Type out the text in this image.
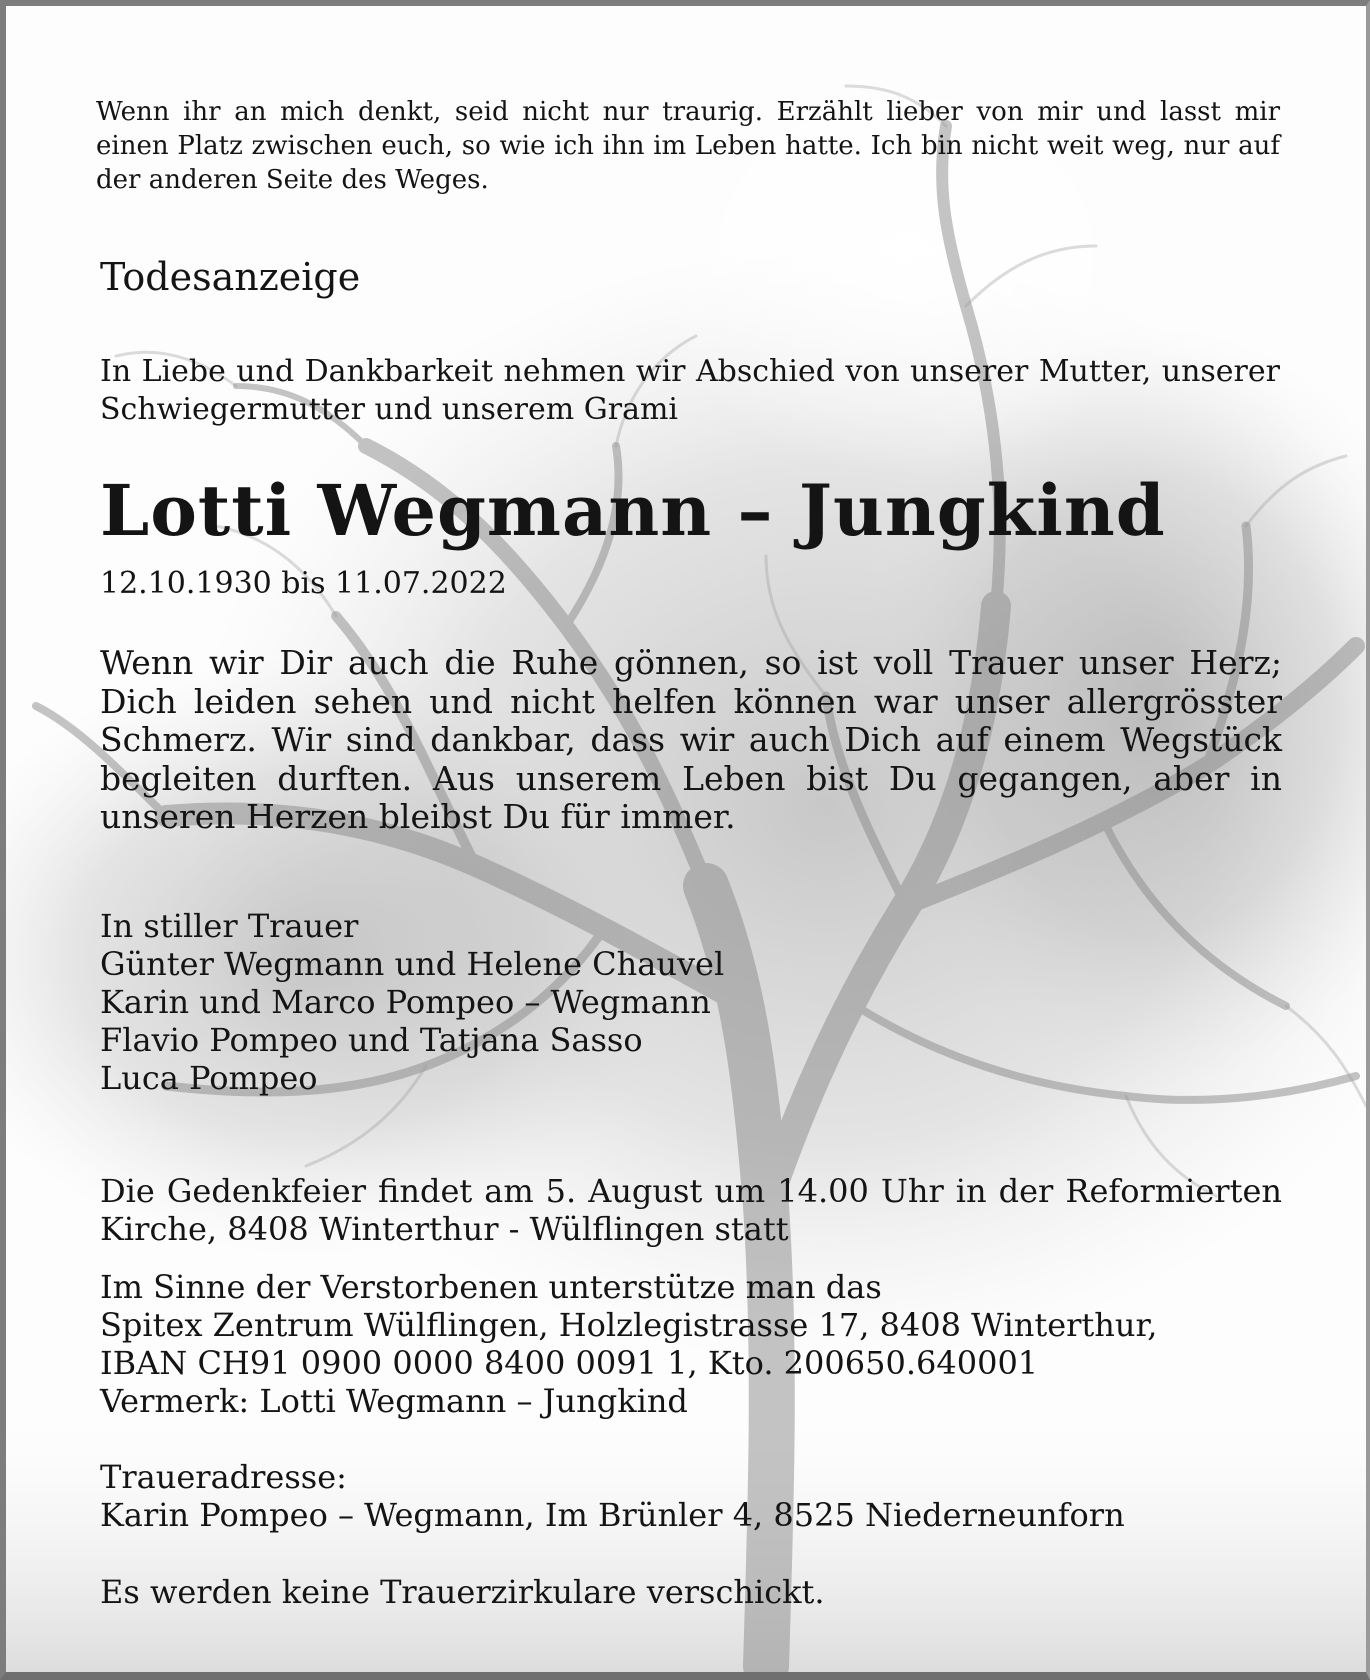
Wenn ihr an mich denkt, seid nicht nur traurig. Erzählt lieber von mir und lasst mir einen Platz zwischen euch, so wie ich ihn im Leben hatte. Ich bin nicht weit weg, nur auf der anderen Seite des Weges.

Todesanzeige

In Liebe und Dankbarkeit nehmen wir Abschied von unserer Mutter, unserer Schwiegermutter und unserem Grami

Lotti Wegmann – Jungkind

12.10.1930 bis 11.07.2022

Wenn wir Dir auch die Ruhe gönnen, so ist voll Trauer unser Herz; Dich leiden sehen und nicht helfen können war unser allergrösster Schmerz. Wir sind dankbar, dass wir auch Dich auf einem Wegstück begleiten durften. Aus unserem Leben bist Du gegangen, aber in unseren Herzen bleibst Du für immer.

In stiller Trauer
Günter Wegmann und Helene Chauvel
Karin und Marco Pompeo – Wegmann
Flavio Pompeo und Tatjana Sasso
Luca Pompeo

Die Gedenkfeier findet am 5. August um 14.00 Uhr in der Reformierten Kirche, 8408 Winterthur - Wülflingen statt

Im Sinne der Verstorbenen unterstütze man das
Spitex Zentrum Wülflingen, Holzlegistrasse 17, 8408 Winterthur,
IBAN CH91 0900 0000 8400 0091 1, Kto. 200650.640001
Vermerk: Lotti Wegmann – Jungkind
Traueradresse:
Karin Pompeo – Wegmann, Im Brünler 4, 8525 Niederneunforn

Es werden keine Trauerzirkulare verschickt.
